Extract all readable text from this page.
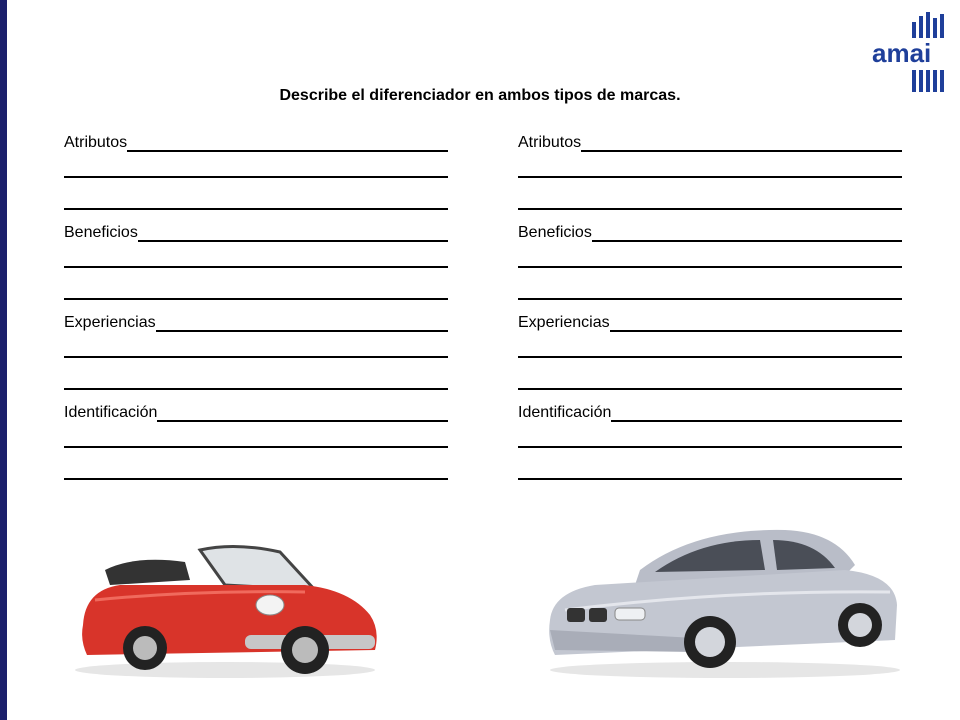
amai
Describe el diferenciador en ambos tipos de marcas.
Atributos
Beneficios
Experiencias
Identificación
Atributos
Beneficios
Experiencias
Identificación
